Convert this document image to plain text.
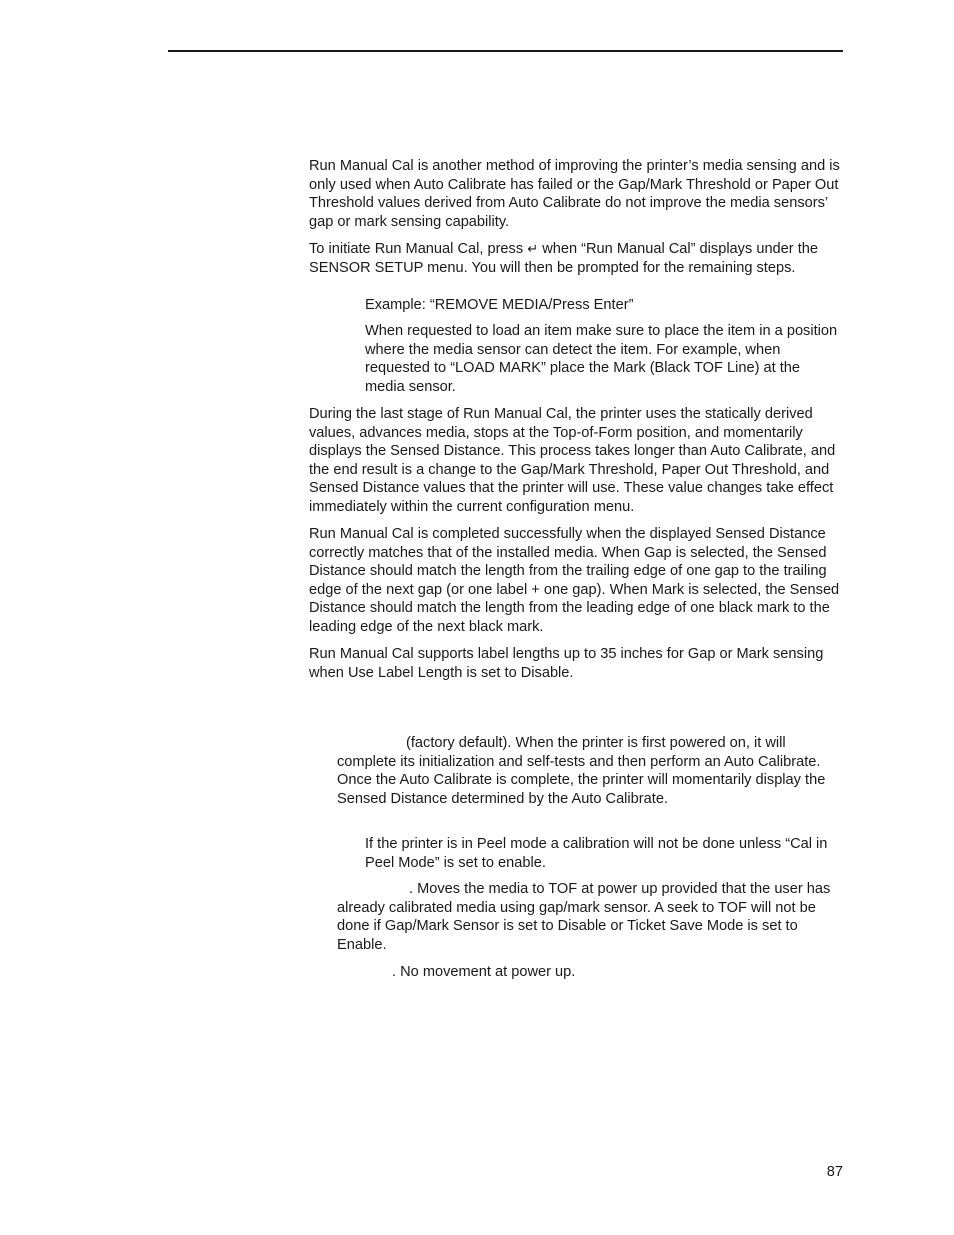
Run Manual Cal is another method of improving the printer’s media sensing and is only used when Auto Calibrate has failed or the Gap/Mark Threshold or Paper Out Threshold values derived from Auto Calibrate do not improve the media sensors’ gap or mark sensing capability.

To initiate Run Manual Cal, press ↵ when “Run Manual Cal” displays under the SENSOR SETUP menu. You will then be prompted for the remaining steps.

Example: “REMOVE MEDIA/Press Enter”

When requested to load an item make sure to place the item in a position where the media sensor can detect the item. For example, when requested to “LOAD MARK” place the Mark (Black TOF Line) at the media sensor.

During the last stage of Run Manual Cal, the printer uses the statically derived values, advances media, stops at the Top-of-Form position, and momentarily displays the Sensed Distance. This process takes longer than Auto Calibrate, and the end result is a change to the Gap/Mark Threshold, Paper Out Threshold, and Sensed Distance values that the printer will use. These value changes take effect immediately within the current configuration menu.

Run Manual Cal is completed successfully when the displayed Sensed Distance correctly matches that of the installed media. When Gap is selected, the Sensed Distance should match the length from the trailing edge of one gap to the trailing edge of the next gap (or one label + one gap). When Mark is selected, the Sensed Distance should match the length from the leading edge of one black mark to the leading edge of the next black mark.

Run Manual Cal supports label lengths up to 35 inches for Gap or Mark sensing when Use Label Length is set to Disable.

(factory default). When the printer is first powered on, it will complete its initialization and self-tests and then perform an Auto Calibrate. Once the Auto Calibrate is complete, the printer will momentarily display the Sensed Distance determined by the Auto Calibrate.

If the printer is in Peel mode a calibration will not be done unless “Cal in Peel Mode” is set to enable.

. Moves the media to TOF at power up provided that the user has already calibrated media using gap/mark sensor. A seek to TOF will not be done if Gap/Mark Sensor is set to Disable or Ticket Save Mode is set to Enable.

. No movement at power up.

87
